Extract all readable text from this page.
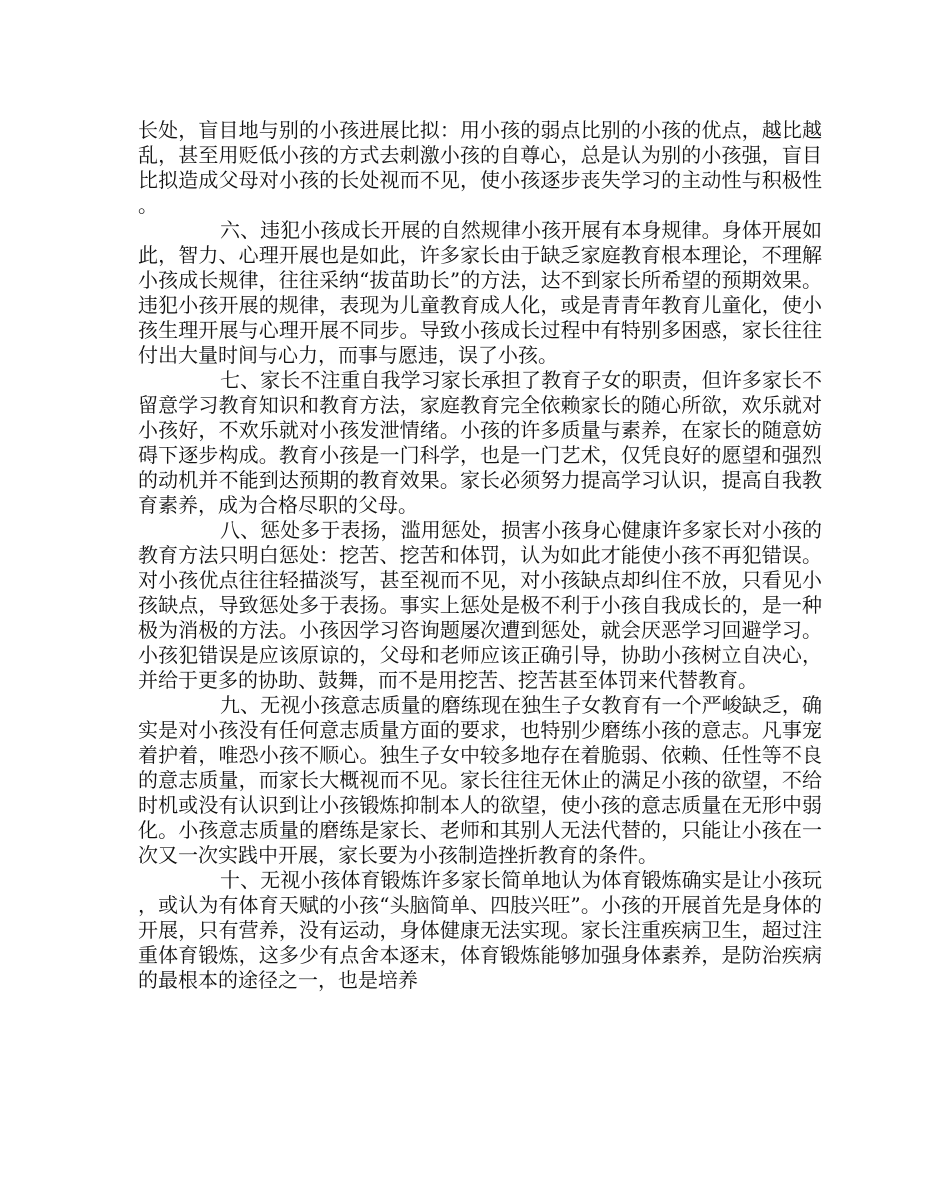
长处，盲目地与别的小孩进展比拟：用小孩的弱点比别的小孩的优点，越比越乱，甚至用贬低小孩的方式去刺激小孩的自尊心，总是认为别的小孩强，盲目比拟造成父母对小孩的长处视而不见，使小孩逐步丧失学习的主动性与积极性。

六、违犯小孩成长开展的自然规律小孩开展有本身规律。身体开展如此，智力、心理开展也是如此，许多家长由于缺乏家庭教育根本理论，不理解小孩成长规律，往往采纳“拔苗助长”的方法，达不到家长所希望的预期效果。违犯小孩开展的规律，表现为儿童教育成人化，或是青青年教育儿童化，使小孩生理开展与心理开展不同步。导致小孩成长过程中有特别多困惑，家长往往付出大量时间与心力，而事与愿违，误了小孩。

七、家长不注重自我学习家长承担了教育子女的职责，但许多家长不留意学习教育知识和教育方法，家庭教育完全依赖家长的随心所欲，欢乐就对小孩好，不欢乐就对小孩发泄情绪。小孩的许多质量与素养，在家长的随意妨碍下逐步构成。教育小孩是一门科学，也是一门艺术，仅凭良好的愿望和强烈的动机并不能到达预期的教育效果。家长必须努力提高学习认识，提高自我教育素养，成为合格尽职的父母。

八、惩处多于表扬，滥用惩处，损害小孩身心健康许多家长对小孩的教育方法只明白惩处：挖苦、挖苦和体罚，认为如此才能使小孩不再犯错误。对小孩优点往往轻描淡写，甚至视而不见，对小孩缺点却纠住不放，只看见小孩缺点，导致惩处多于表扬。事实上惩处是极不利于小孩自我成长的，是一种极为消极的方法。小孩因学习咨询题屡次遭到惩处，就会厌恶学习回避学习。小孩犯错误是应该原谅的，父母和老师应该正确引导，协助小孩树立自决心，并给于更多的协助、鼓舞，而不是用挖苦、挖苦甚至体罚来代替教育。

九、无视小孩意志质量的磨练现在独生子女教育有一个严峻缺乏，确实是对小孩没有任何意志质量方面的要求，也特别少磨练小孩的意志。凡事宠着护着，唯恐小孩不顺心。独生子女中较多地存在着脆弱、依赖、任性等不良的意志质量，而家长大概视而不见。家长往往无休止的满足小孩的欲望，不给时机或没有认识到让小孩锻炼抑制本人的欲望，使小孩的意志质量在无形中弱化。小孩意志质量的磨练是家长、老师和其别人无法代替的，只能让小孩在一次又一次实践中开展，家长要为小孩制造挫折教育的条件。

十、无视小孩体育锻炼许多家长简单地认为体育锻炼确实是让小孩玩，或认为有体育天赋的小孩“头脑简单、四肢兴旺”。小孩的开展首先是身体的开展，只有营养，没有运动，身体健康无法实现。家长注重疾病卫生，超过注重体育锻炼，这多少有点舍本逐末，体育锻炼能够加强身体素养，是防治疾病的最根本的途径之一，也是培养
